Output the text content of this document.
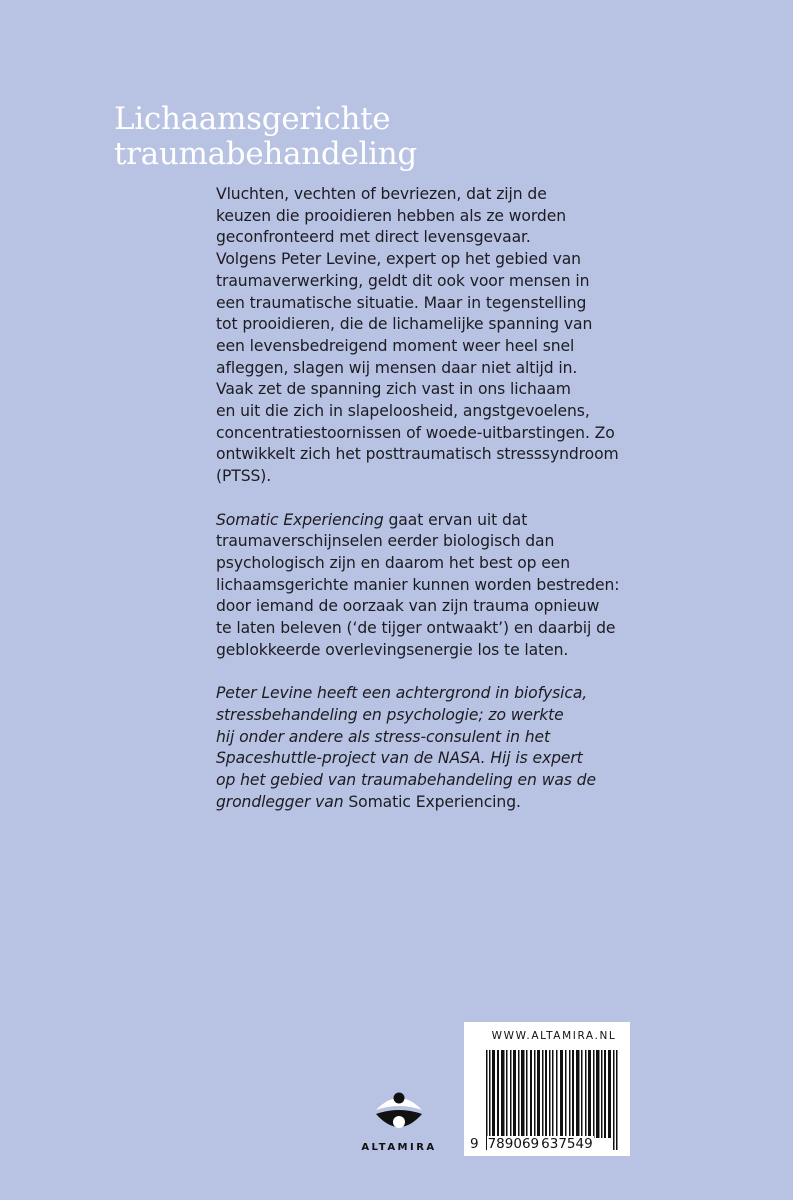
Lichaamsgerichte
traumabehandeling

Vluchten, vechten of bevriezen, dat zijn de
keuzen die prooidieren hebben als ze worden
geconfronteerd met direct levensgevaar.
Volgens Peter Levine, expert op het gebied van
traumaverwerking, geldt dit ook voor mensen in
een traumatische situatie. Maar in tegenstelling
tot prooidieren, die de lichamelijke spanning van
een levensbedreigend moment weer heel snel
afleggen, slagen wij mensen daar niet altijd in.
Vaak zet de spanning zich vast in ons lichaam
en uit die zich in slapeloosheid, angstgevoelens,
concentratiestoornissen of woede-uitbarstingen. Zo
ontwikkelt zich het posttraumatisch stresssyndroom
(PTSS).

Somatic Experiencing gaat ervan uit dat
traumaverschijnselen eerder biologisch dan
psychologisch zijn en daarom het best op een
lichaamsgerichte manier kunnen worden bestreden:
door iemand de oorzaak van zijn trauma opnieuw
te laten beleven (‘de tijger ontwaakt’) en daarbij de
geblokkeerde overlevingsenergie los te laten.

Peter Levine heeft een achtergrond in biofysica,
stressbehandeling en psychologie; zo werkte
hij onder andere als stress-consulent in het
Spaceshuttle-project van de NASA. Hij is expert
op het gebied van traumabehandeling en was de
grondlegger van Somatic Experiencing.

ALTAMIRA
WWW.ALTAMIRA.NL
9 789069 637549
